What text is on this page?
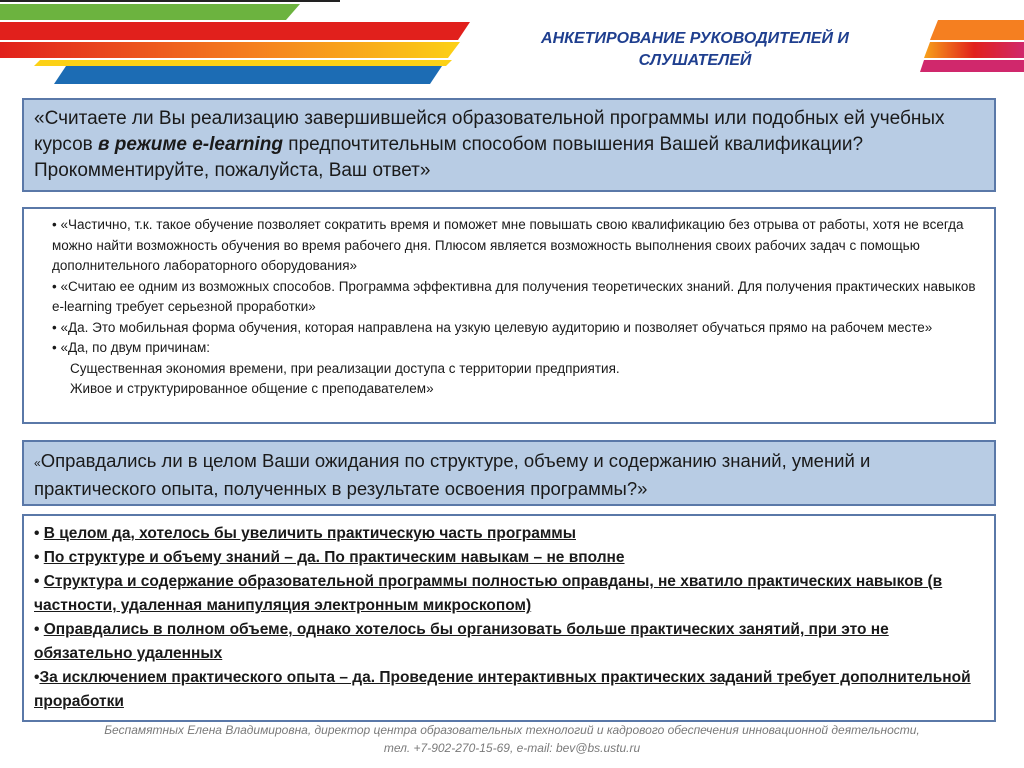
АНКЕТИРОВАНИЕ РУКОВОДИТЕЛЕЙ И
СЛУШАТЕЛЕЙ
«Считаете ли Вы реализацию завершившейся образовательной программы или подобных ей учебных курсов в режиме e-learning предпочтительным способом повышения Вашей квалификации? Прокомментируйте, пожалуйста, Ваш ответ»
• «Частично, т.к. такое обучение позволяет сократить время и поможет мне повышать свою квалификацию без отрыва от работы, хотя не всегда можно найти возможность обучения во время рабочего дня. Плюсом является возможность выполнения своих рабочих задач с помощью дополнительного лабораторного оборудования»
• «Считаю ее одним из возможных способов. Программа эффективна для получения теоретических знаний. Для получения практических навыков e-learning требует серьезной проработки»
• «Да. Это мобильная форма обучения, которая направлена на узкую целевую аудиторию и позволяет обучаться прямо на рабочем месте»
• «Да, по двум причинам:
Существенная экономия времени, при реализации доступа с территории предприятия.
Живое и структурированное общение с преподавателем»
«Оправдались ли в целом Ваши ожидания по структуре, объему и содержанию знаний, умений и практического опыта, полученных в результате освоения программы?»
• В целом да, хотелось бы увеличить практическую часть программы
• По структуре и объему знаний – да. По практическим навыкам – не вполне
• Структура и содержание образовательной программы полностью оправданы, не хватило практических навыков (в частности, удаленная манипуляция электронным микроскопом)
• Оправдались в полном объеме, однако хотелось бы организовать больше практических занятий, при это не обязательно удаленных
•За исключением практического опыта – да. Проведение интерактивных практических заданий требует дополнительной проработки
Беспамятных Елена Владимировна, директор центра образовательных технологий и кадрового обеспечения инновационной деятельности,
тел. +7-902-270-15-69, e-mail: bev@bs.ustu.ru
